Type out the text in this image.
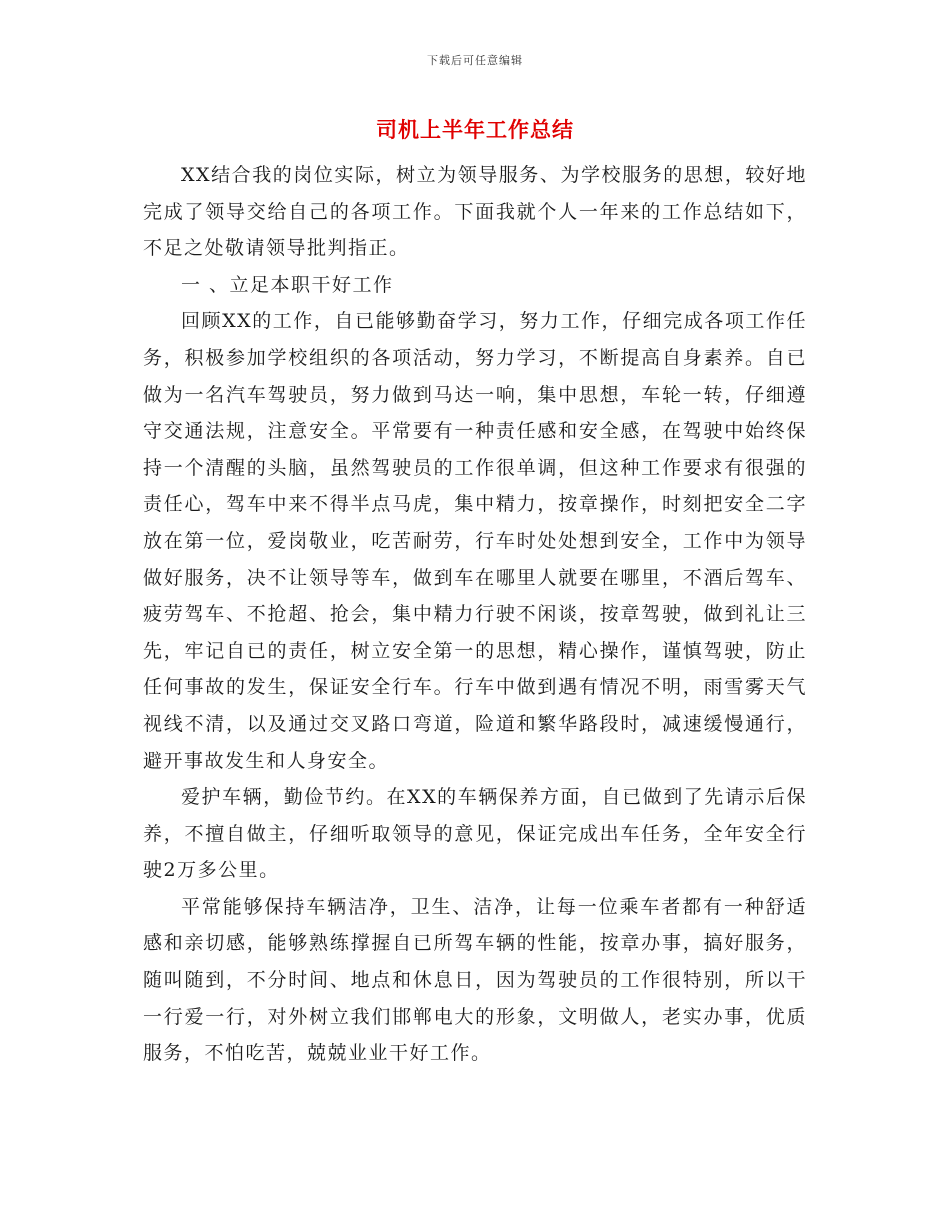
下载后可任意编辑
司机上半年工作总结

XX结合我的岗位实际，树立为领导服务、为学校服务的思想，较好地完成了领导交给自己的各项工作。下面我就个人一年来的工作总结如下，不足之处敬请领导批判指正。

一 、立足本职干好工作

回顾XX的工作，自已能够勤奋学习，努力工作，仔细完成各项工作任务，积极参加学校组织的各项活动，努力学习，不断提高自身素养。自已做为一名汽车驾驶员，努力做到马达一响，集中思想，车轮一转，仔细遵守交通法规，注意安全。平常要有一种责任感和安全感，在驾驶中始终保持一个清醒的头脑，虽然驾驶员的工作很单调，但这种工作要求有很强的责任心，驾车中来不得半点马虎，集中精力，按章操作，时刻把安全二字放在第一位，爱岗敬业，吃苦耐劳，行车时处处想到安全，工作中为领导做好服务，决不让领导等车，做到车在哪里人就要在哪里，不酒后驾车、疲劳驾车、不抢超、抢会，集中精力行驶不闲谈，按章驾驶，做到礼让三先，牢记自已的责任，树立安全第一的思想，精心操作，谨慎驾驶，防止任何事故的发生，保证安全行车。行车中做到遇有情况不明，雨雪雾天气视线不清，以及通过交叉路口弯道，险道和繁华路段时，减速缓慢通行，避开事故发生和人身安全。

爱护车辆，勤俭节约。在XX的车辆保养方面，自已做到了先请示后保养，不擅自做主，仔细听取领导的意见，保证完成出车任务，全年安全行驶2万多公里。

平常能够保持车辆洁净，卫生、洁净，让每一位乘车者都有一种舒适感和亲切感，能够熟练撑握自已所驾车辆的性能，按章办事，搞好服务，随叫随到，不分时间、地点和休息日，因为驾驶员的工作很特别，所以干一行爱一行，对外树立我们邯郸电大的形象，文明做人，老实办事，优质服务，不怕吃苦，兢兢业业干好工作。
